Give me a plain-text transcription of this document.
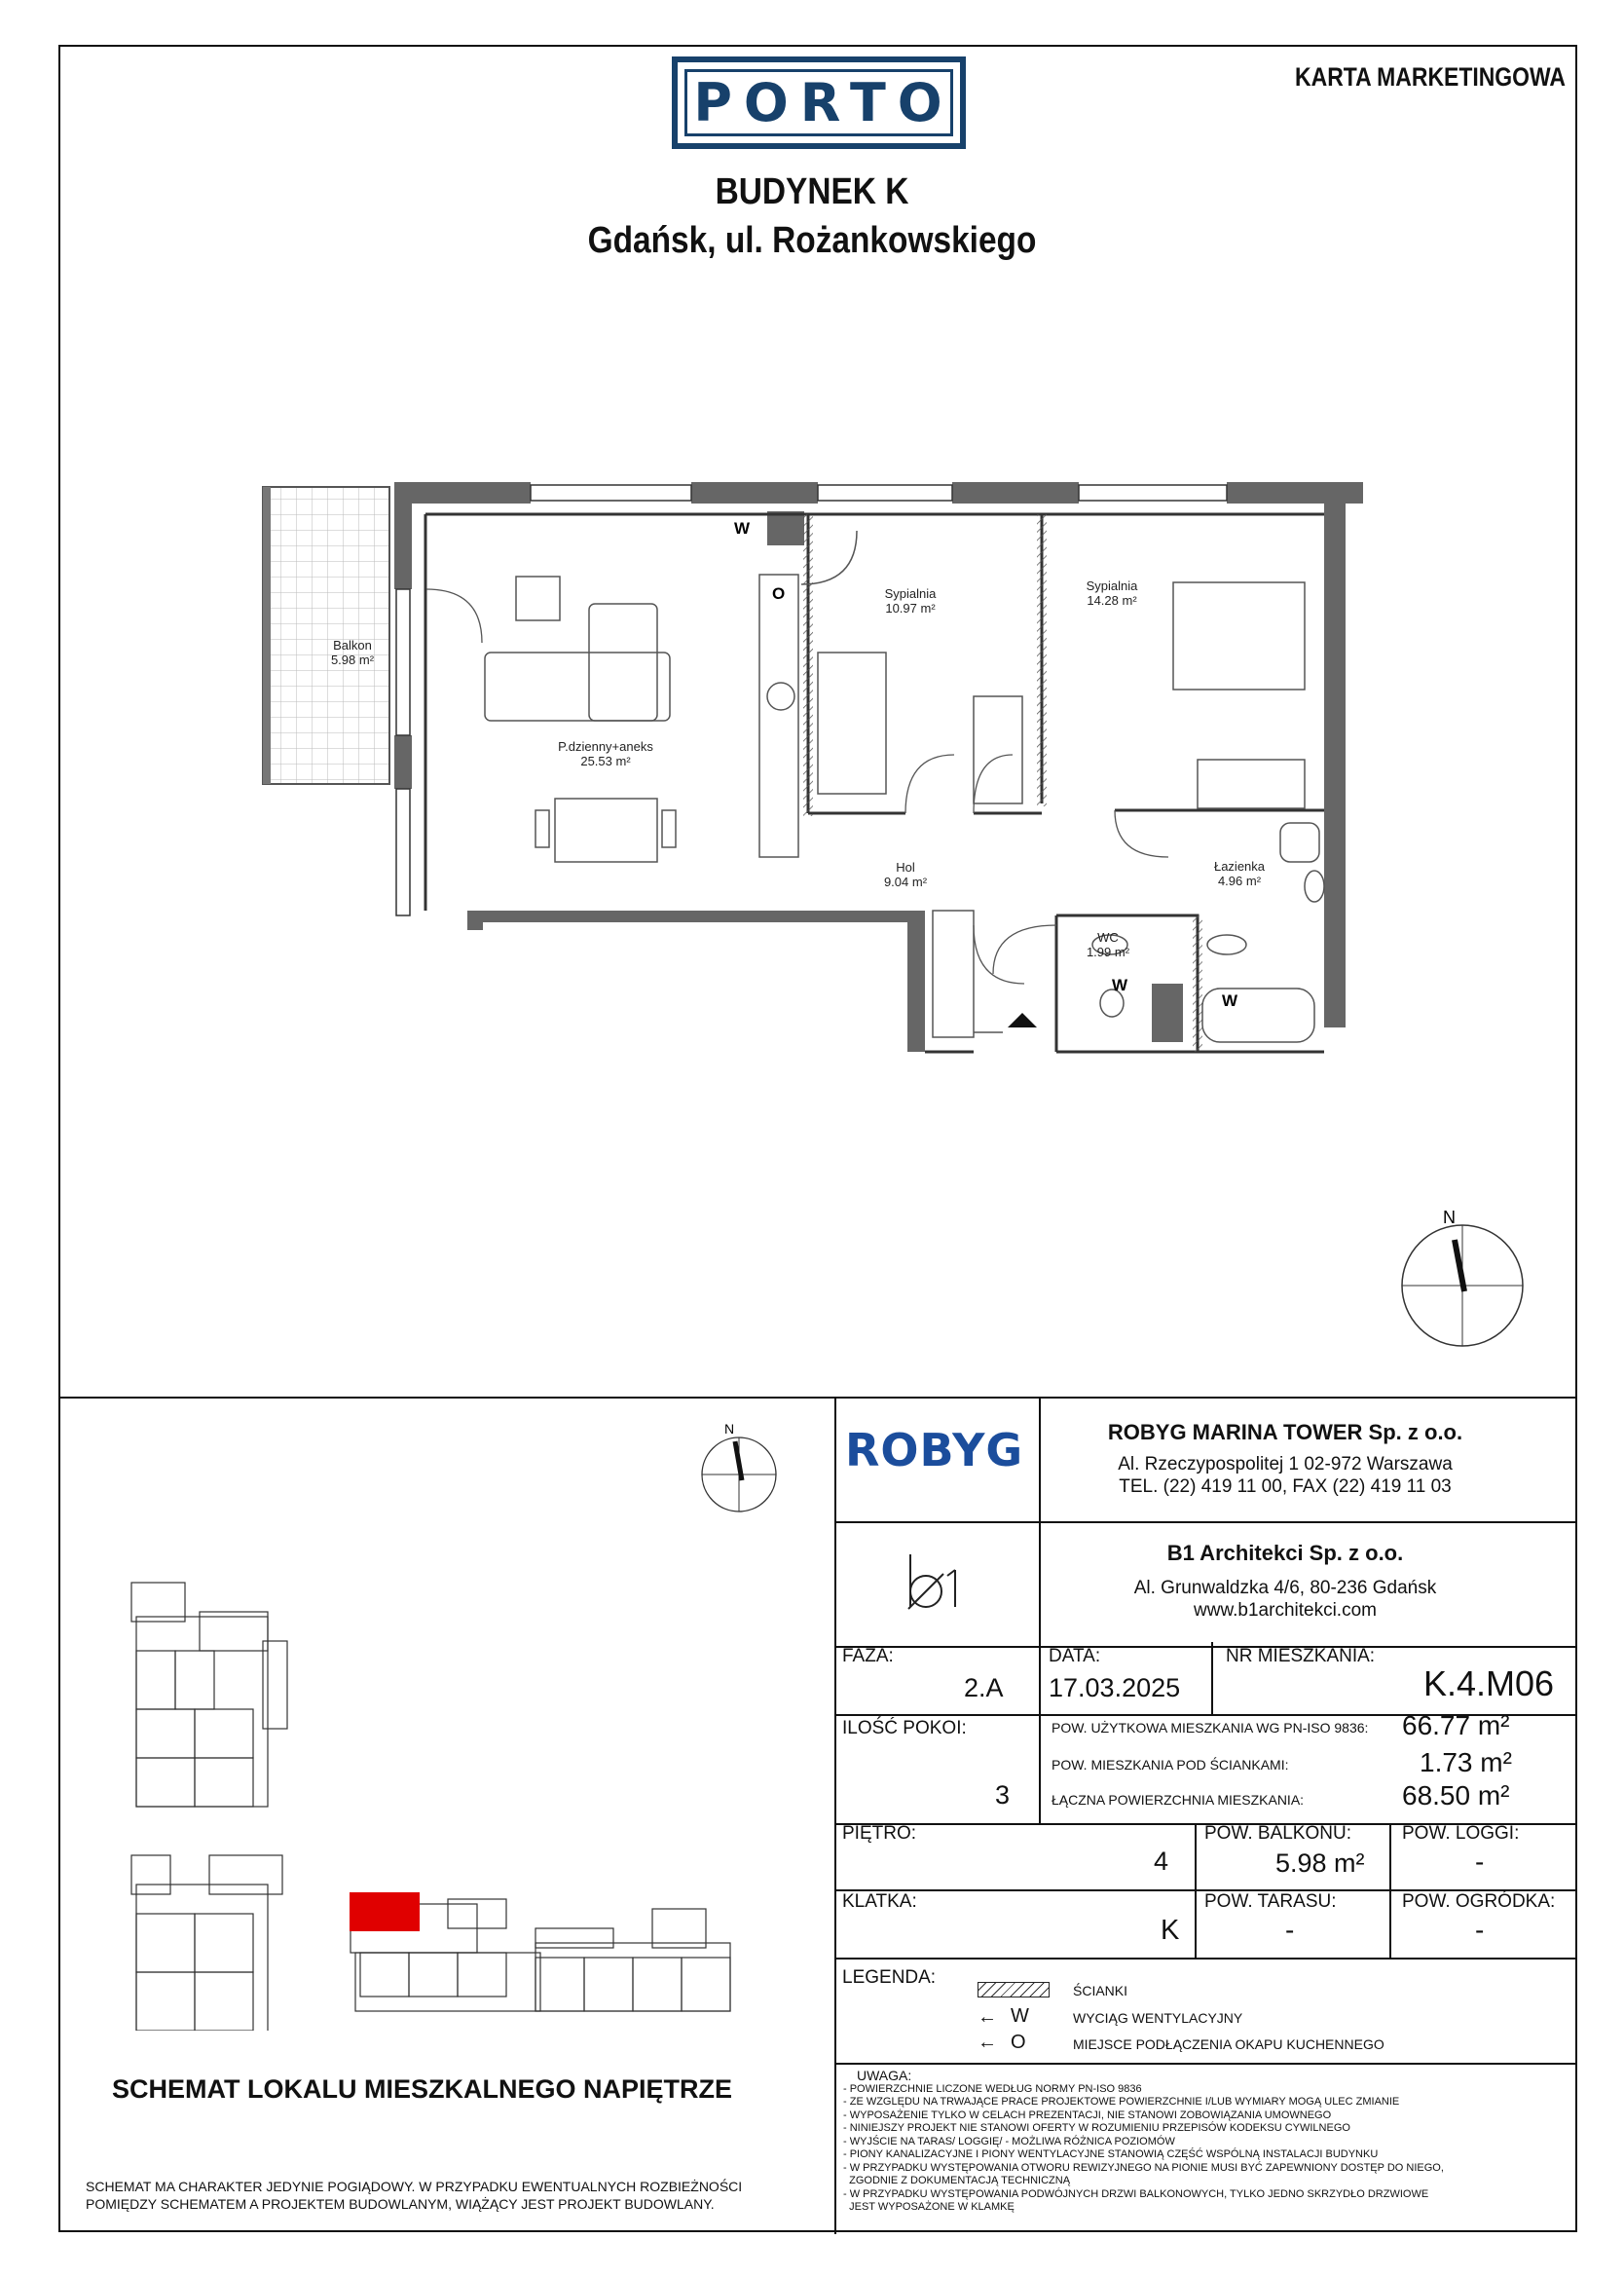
PORTO	KARTA MARKETINGOWA
BUDYNEK K
Gdańsk, ul. Rożankowskiego
Balkon
5.98 m²
P.dzienny+aneks
25.53 m²
Sypialnia
10.97 m²
Sypialnia
14.28 m²
Hol
9.04 m²
Łazienka
4.96 m²
WC
1.99 m²
W
O
W
W
N
ROBYG	ROBYG MARINA TOWER Sp. z o.o.
Al. Rzeczypospolitej 1 02-972 Warszawa
TEL. (22) 419 11 00, FAX (22) 419 11 03
B1 Architekci Sp. z o.o.
Al. Grunwaldzka 4/6, 80-236 Gdańsk
www.b1architekci.com
FAZA:
2.A
DATA:
17.03.2025
NR MIESZKANIA:
K.4.M06
ILOŚĆ POKOI:
3
POW. UŻYTKOWA MIESZKANIA WG PN-ISO 9836: 66.77 m²
POW. MIESZKANIA POD ŚCIANKAMI:	1.73 m²
ŁĄCZNA POWIERZCHNIA MIESZKANIA:	68.50 m²
PIĘTRO:
4
POW. BALKONU:
5.98 m²
POW. LOGGI:
-
KLATKA:
K
POW. TARASU:
-
POW. OGRÓDKA:
-
LEGENDA:
ŚCIANKI
← W	WYCIĄG WENTYLACYJNY
← O	MIEJSCE PODŁĄCZENIA OKAPU KUCHENNEGO
UWAGA:
- POWIERZCHNIE LICZONE WEDŁUG NORMY PN-ISO 9836
- ZE WZGLĘDU NA TRWAJĄCE PRACE PROJEKTOWE POWIERZCHNIE I/LUB WYMIARY MOGĄ ULEC ZMIANIE
- WYPOSAŻENIE TYLKO W CELACH PREZENTACJI, NIE STANOWI ZOBOWIĄZANIA UMOWNEGO
- NINIEJSZY PROJEKT NIE STANOWI OFERTY W ROZUMIENIU PRZEPISÓW KODEKSU CYWILNEGO
- WYJŚCIE NA TARAS/ LOGGIĘ/ - MOŻLIWA RÓŻNICA POZIOMÓW
- PIONY KANALIZACYJNE I PIONY WENTYLACYJNE STANOWIĄ CZĘŚĆ WSPÓLNĄ INSTALACJI BUDYNKU
- W PRZYPADKU WYSTĘPOWANIA OTWORU REWIZYJNEGO NA PIONIE MUSI BYĆ ZAPEWNIONY DOSTĘP DO NIEGO,
ZGODNIE Z DOKUMENTACJĄ TECHNICZNĄ
- W PRZYPADKU WYSTĘPOWANIA PODWÓJNYCH DRZWI BALKONOWYCH, TYLKO JEDNO SKRZYDŁO DRZWIOWE
JEST WYPOSAŻONE W KLAMKĘ
N
SCHEMAT LOKALU MIESZKALNEGO NAPIĘTRZE
SCHEMAT MA CHARAKTER JEDYNIE POGIĄDOWY. W PRZYPADKU EWENTUALNYCH ROZBIEŻNOŚCI
POMIĘDZY SCHEMATEM A PROJEKTEM BUDOWLANYM, WIĄŻĄCY JEST PROJEKT BUDOWLANY.
